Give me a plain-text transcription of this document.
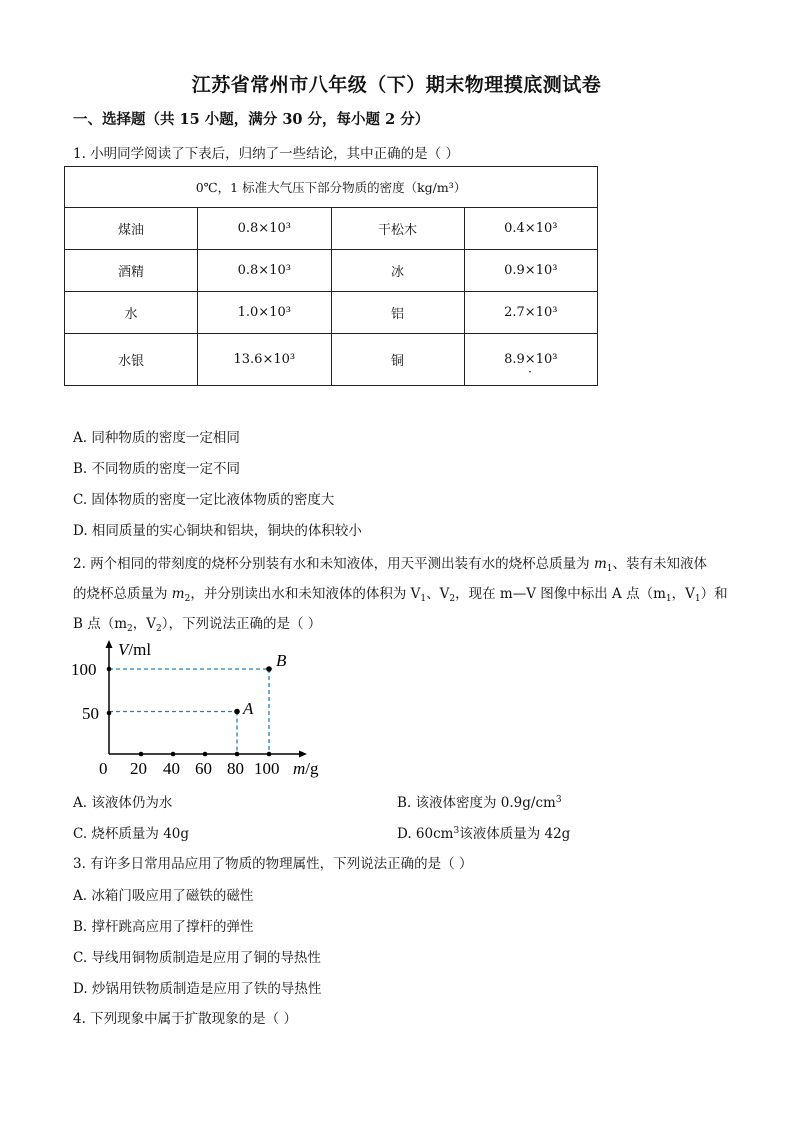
江苏省常州市八年级（下）期末物理摸底测试卷
一、选择题（共 15 小题，满分 30 分，每小题 2 分）
1. 小明同学阅读了下表后，归纳了一些结论，其中正确的是（ ）
0℃，1 标准大气压下部分物质的密度（kg/m³）			
煤油	0.8×10³	干松木	0.4×10³
酒精	0.8×10³	冰	0.9×10³
水	1.0×10³	铝	2.7×10³
水银	13.6×10³	铜	8.9×10³ ·
A. 同种物质的密度一定相同
B. 不同物质的密度一定不同
C. 固体物质的密度一定比液体物质的密度大
D. 相同质量的实心铜块和铝块，铜块的体积较小
2. 两个相同的带刻度的烧杯分别装有水和未知液体，用天平测出装有水的烧杯总质量为 $m_1$、装有未知液体
的烧杯总质量为 $m_2$，并分别读出水和未知液体的体积为 $V_1$、$V_2$，现在 m—V 图像中标出 A 点（$m_1$，$V_1$）和
B 点（$m_2$，$V_2$），下列说法正确的是（ ）
V/ml
100
50
0 20 40 60 80 100 m/g
A
B
A. 该液体仍为水	B. 该液体密度为 $0.9g/cm^3$
C. 烧杯质量为 40g	D. $60cm^3$该液体质量为 42g
3. 有许多日常用品应用了物质的物理属性，下列说法正确的是（ ）
A. 冰箱门吸应用了磁铁的磁性
B. 撑杆跳高应用了撑杆的弹性
C. 导线用铜物质制造是应用了铜的导热性
D. 炒锅用铁物质制造是应用了铁的导热性
4. 下列现象中属于扩散现象的是（ ）
